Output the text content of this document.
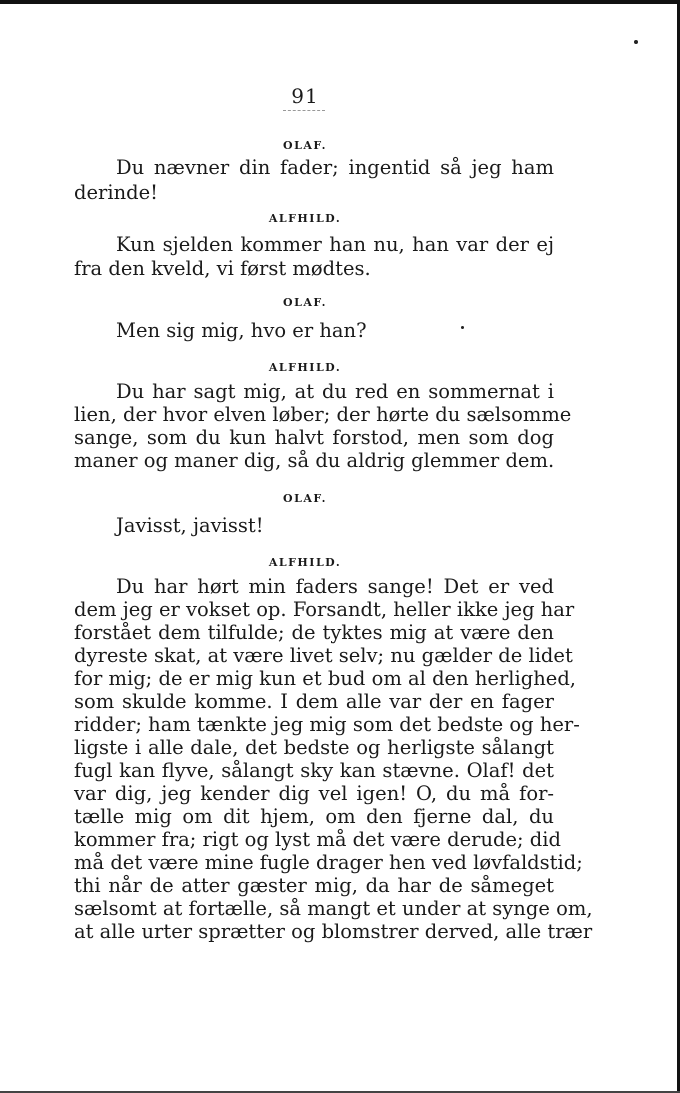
91
OLAF.
Du nævner din fader; ingentid så jeg ham
derinde!
ALFHILD.
Kun sjelden kommer han nu, han var der ej
fra den kveld, vi først mødtes.
OLAF.
Men sig mig, hvo er han?
ALFHILD.
Du har sagt mig, at du red en sommernat i
lien, der hvor elven løber; der hørte du sælsomme
sange, som du kun halvt forstod, men som dog
maner og maner dig, så du aldrig glemmer dem.
OLAF.
Javisst, javisst!
ALFHILD.
Du har hørt min faders sange! Det er ved
dem jeg er vokset op. Forsandt, heller ikke jeg har
forstået dem tilfulde; de tyktes mig at være den
dyreste skat, at være livet selv; nu gælder de lidet
for mig; de er mig kun et bud om al den herlighed,
som skulde komme. I dem alle var der en fager
ridder; ham tænkte jeg mig som det bedste og her-
ligste i alle dale, det bedste og herligste sålangt
fugl kan flyve, sålangt sky kan stævne. Olaf! det
var dig, jeg kender dig vel igen! O, du må for-
tælle mig om dit hjem, om den fjerne dal, du
kommer fra; rigt og lyst må det være derude; did
må det være mine fugle drager hen ved løvfaldstid;
thi når de atter gæster mig, da har de såmeget
sælsomt at fortælle, så mangt et under at synge om,
at alle urter sprætter og blomstrer derved, alle trær
